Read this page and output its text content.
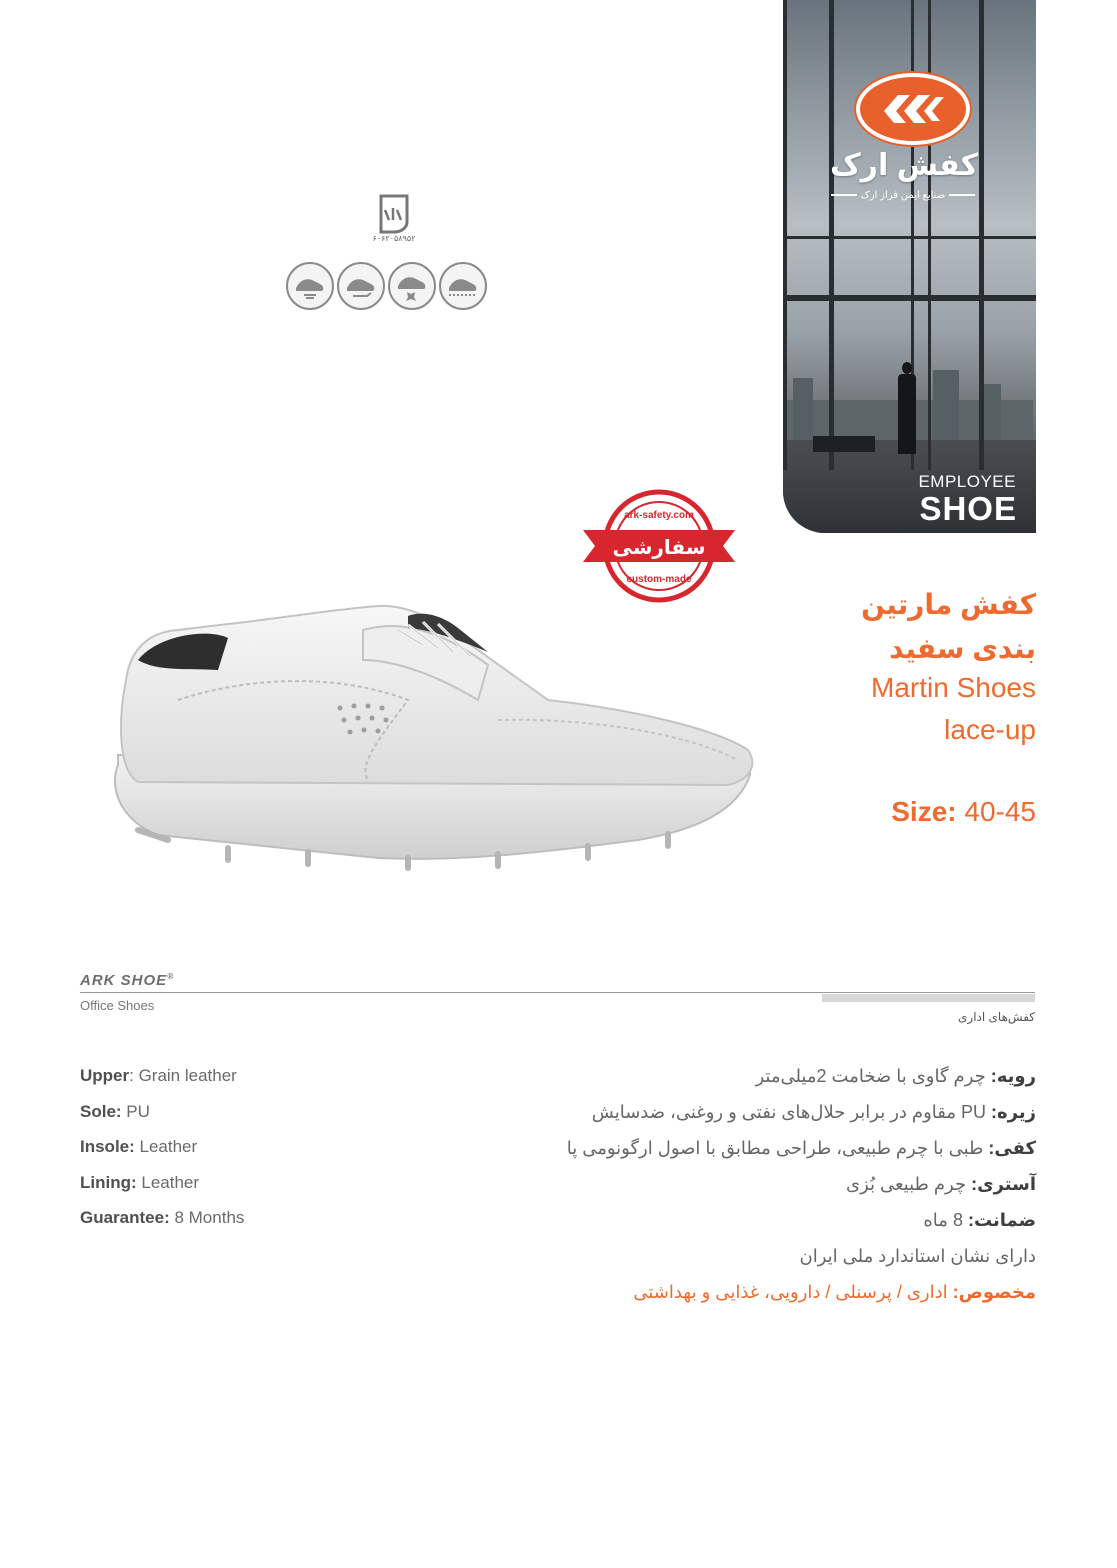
کفش ارک
صنایع ایمن فراز ارک
EMPLOYEE
SHOE
۶۰۶۲۰۵۸۹۵۲
ark-safety.com
سفارشی
custom-made
کفش مارتین
بندی سفید
Martin Shoes
lace-up
Size: 40-45
ARK SHOE®
Office Shoes
کفش‌های اداری
Upper: Grain leather
Sole: PU
Insole: Leather
Lining: Leather
Guarantee: 8 Months
رویه: چرم گاوی با ضخامت 2میلی‌متر
زیره: PU مقاوم در برابر حلال‌های نفتی و روغنی، ضدسایش
کفی: طبی با چرم طبیعی، طراحی مطابق با اصول ارگونومی پا
آستری: چرم طبیعی بُزی
ضمانت: 8 ماه
دارای نشان استاندارد ملی ایران
مخصوص: اداری / پرسنلی / دارویی، غذایی و بهداشتی
